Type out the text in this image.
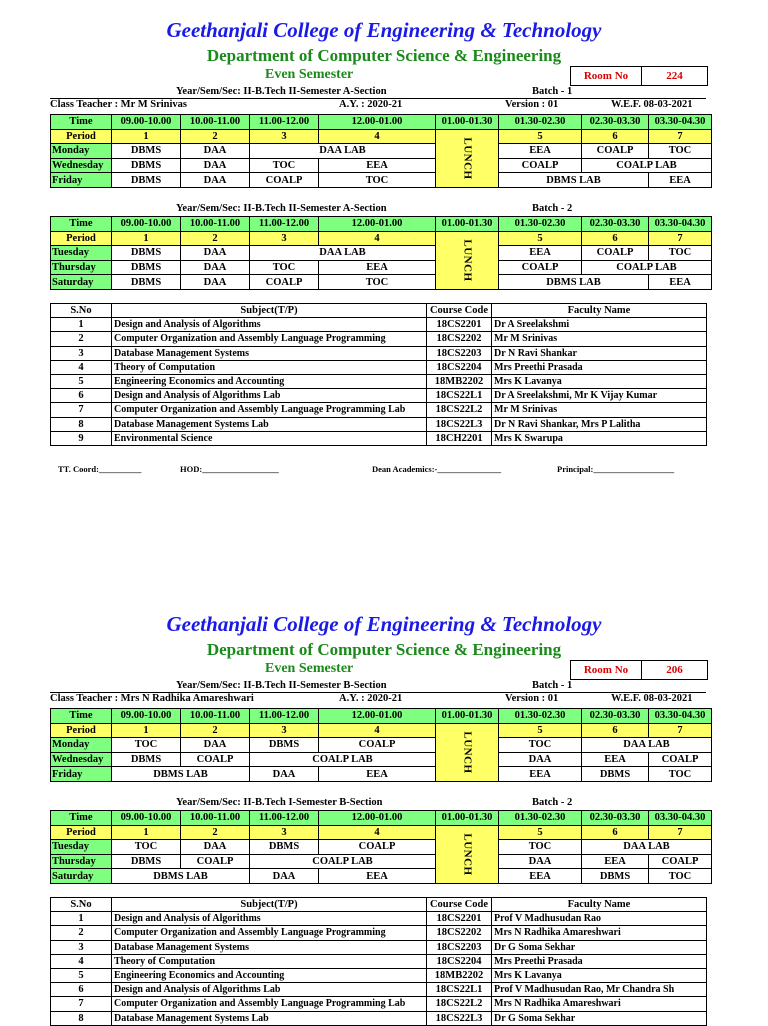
Geethanjali College of Engineering & Technology
Department of Computer Science & Engineering
Even Semester	Room No	224
Year/Sem/Sec: II-B.Tech II-Semester A-Section	Batch - 1
Class Teacher : Mr M Srinivas	A.Y. : 2020-21	Version : 01	W.E.F. 08-03-2021
Time	09.00-10.00	10.00-11.00	11.00-12.00	12.00-01.00	01.00-01.30	01.30-02.30	02.30-03.30	03.30-04.30
Period	1	2	3	4	LUNCH	5	6	7
Monday	DBMS	DAA	DAA LAB			EEA	COALP	TOC
Wednesday	DBMS	DAA	TOC	EEA		COALP	COALP LAB	
Friday	DBMS	DAA	COALP	TOC		DBMS LAB		EEA
Year/Sem/Sec: II-B.Tech II-Semester A-Section	Batch - 2
Time	09.00-10.00	10.00-11.00	11.00-12.00	12.00-01.00	01.00-01.30	01.30-02.30	02.30-03.30	03.30-04.30
Period	1	2	3	4	LUNCH	5	6	7
Tuesday	DBMS	DAA	DAA LAB			EEA	COALP	TOC
Thursday	DBMS	DAA	TOC	EEA		COALP	COALP LAB	
Saturday	DBMS	DAA	COALP	TOC		DBMS LAB		EEA
S.No	Subject(T/P)	Course Code	Faculty Name
1	Design and Analysis of Algorithms	18CS2201	Dr A Sreelakshmi
2	Computer Organization and Assembly Language Programming	18CS2202	Mr M Srinivas
3	Database Management Systems	18CS2203	Dr N Ravi Shankar
4	Theory of Computation	18CS2204	Mrs Preethi Prasada
5	Engineering Economics and Accounting	18MB2202	Mrs K Lavanya
6	Design and Analysis of Algorithms Lab	18CS22L1	Dr A Sreelakshmi, Mr K Vijay Kumar
7	Computer Organization and Assembly Language Programming Lab	18CS22L2	Mr M Srinivas
8	Database Management Systems Lab	18CS22L3	Dr N Ravi Shankar, Mrs P Lalitha
9	Environmental Science	18CH2201	Mrs K Swarupa
TT. Coord:__________	HOD:__________________	Dean Academics:-_______________	Principal:___________________
Geethanjali College of Engineering & Technology
Department of Computer Science & Engineering
Even Semester	Room No	206
Year/Sem/Sec: II-B.Tech II-Semester B-Section	Batch - 1
Class Teacher : Mrs N Radhika Amareshwari	A.Y. : 2020-21	Version : 01	W.E.F. 08-03-2021
Time	09.00-10.00	10.00-11.00	11.00-12.00	12.00-01.00	01.00-01.30	01.30-02.30	02.30-03.30	03.30-04.30
Period	1	2	3	4	LUNCH	5	6	7
Monday	TOC	DAA	DBMS	COALP		TOC	DAA LAB	
Wednesday	DBMS	COALP	COALP LAB			DAA	EEA	COALP
Friday	DBMS LAB		DAA	EEA		EEA	DBMS	TOC
Year/Sem/Sec: II-B.Tech I-Semester B-Section	Batch - 2
Time	09.00-10.00	10.00-11.00	11.00-12.00	12.00-01.00	01.00-01.30	01.30-02.30	02.30-03.30	03.30-04.30
Period	1	2	3	4	LUNCH	5	6	7
Tuesday	TOC	DAA	DBMS	COALP		TOC	DAA LAB	
Thursday	DBMS	COALP	COALP LAB			DAA	EEA	COALP
Saturday	DBMS LAB		DAA	EEA		EEA	DBMS	TOC
S.No	Subject(T/P)	Course Code	Faculty Name
1	Design and Analysis of Algorithms	18CS2201	Prof V Madhusudan Rao
2	Computer Organization and Assembly Language Programming	18CS2202	Mrs N Radhika Amareshwari
3	Database Management Systems	18CS2203	Dr G Soma Sekhar
4	Theory of Computation	18CS2204	Mrs Preethi Prasada
5	Engineering Economics and Accounting	18MB2202	Mrs K Lavanya
6	Design and Analysis of Algorithms Lab	18CS22L1	Prof V Madhusudan Rao, Mr Chandra Sh
7	Computer Organization and Assembly Language Programming Lab	18CS22L2	Mrs N Radhika Amareshwari
8	Database Management Systems Lab	18CS22L3	Dr G Soma Sekhar
